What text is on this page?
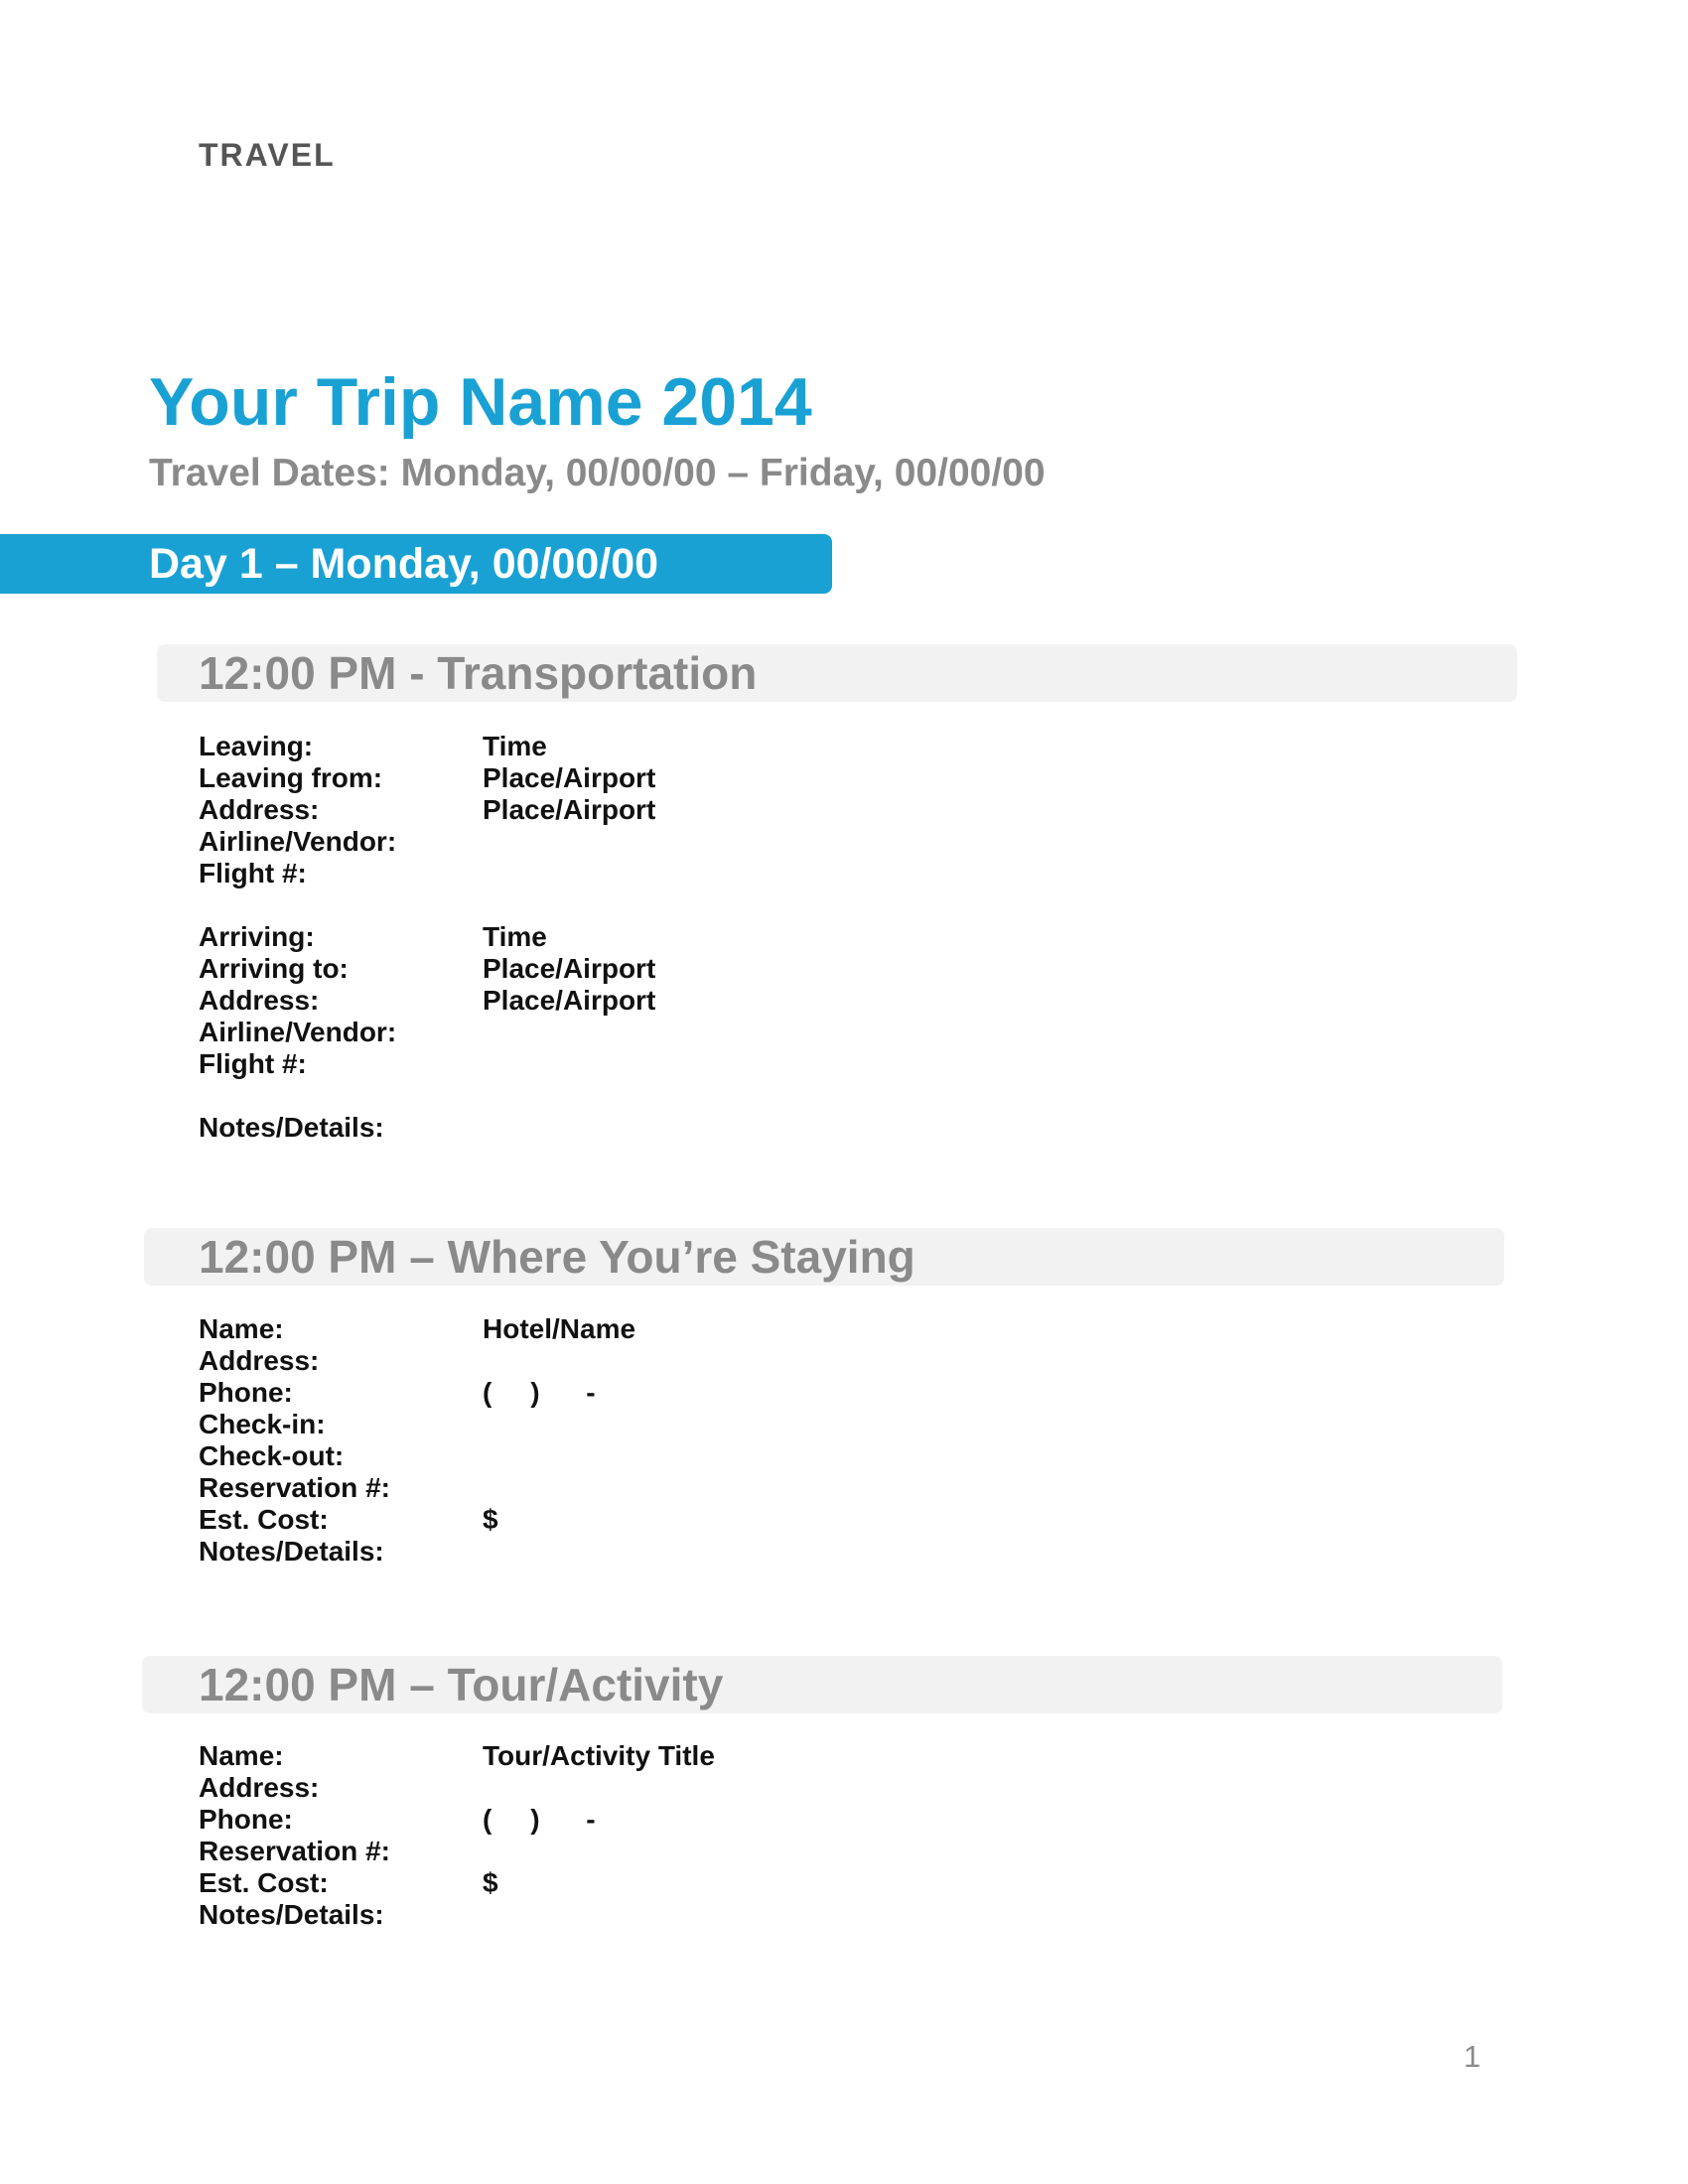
TRAVEL
Your Trip Name 2014
Travel Dates: Monday, 00/00/00 – Friday, 00/00/00
Day 1 – Monday, 00/00/00
12:00 PM - Transportation
Leaving:	Time
Leaving from:	Place/Airport
Address:	Place/Airport
Airline/Vendor:
Flight #:
Arriving:	Time
Arriving to:	Place/Airport
Address:	Place/Airport
Airline/Vendor:
Flight #:
Notes/Details:
12:00 PM – Where You’re Staying
Name:	Hotel/Name
Address:
Phone:	(     )      -
Check-in:
Check-out:
Reservation #:
Est. Cost:	$
Notes/Details:
12:00 PM – Tour/Activity
Name:	Tour/Activity Title
Address:
Phone:	(     )      -
Reservation #:
Est. Cost:	$
Notes/Details:
1
